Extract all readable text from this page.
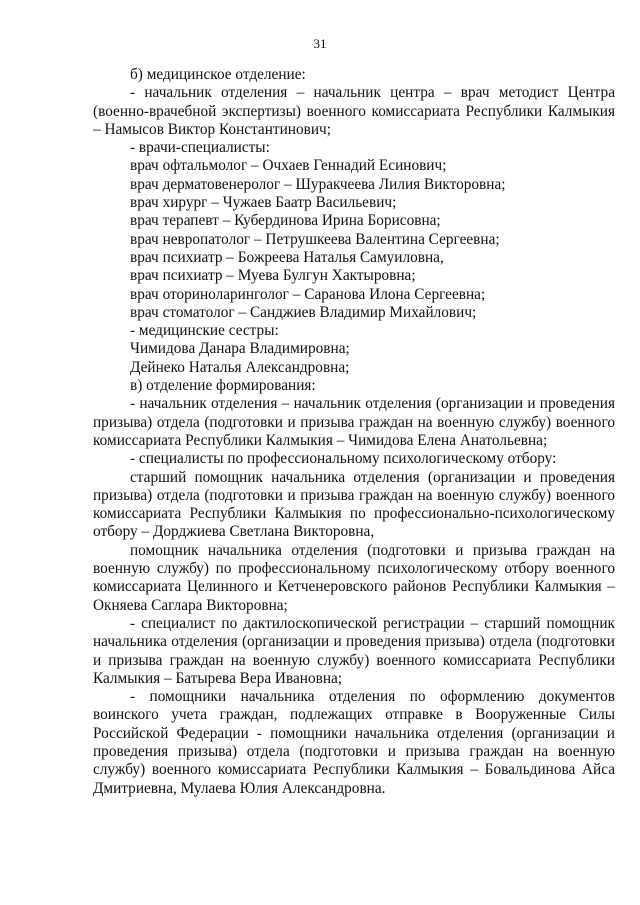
31

б) медицинское отделение:

- начальник отделения – начальник центра – врач методист Центра (военно-врачебной экспертизы) военного комиссариата Республики Калмыкия – Намысов Виктор Константинович;

- врачи-специалисты:

врач офтальмолог – Очхаев Геннадий Есинович;

врач дерматовенеролог – Шуракчеева Лилия Викторовна;

врач хирург – Чужаев Баатр Васильевич;

врач терапевт – Кубердинова Ирина Борисовна;

врач невропатолог – Петрушкеева Валентина Сергеевна;

врач психиатр – Божреева Наталья Самуиловна,

врач психиатр – Муева Булгун Хактыровна;

врач оториноларинголог – Саранова Илона Сергеевна;

врач стоматолог – Санджиев Владимир Михайлович;

- медицинские сестры:

Чимидова Данара Владимировна;

Дейнеко Наталья Александровна;

в) отделение формирования:

- начальник отделения – начальник отделения (организации и проведения призыва) отдела (подготовки и призыва граждан на военную службу) военного комиссариата Республики Калмыкия – Чимидова Елена Анатольевна;

- специалисты по профессиональному психологическому отбору:

старший помощник начальника отделения (организации и проведения призыва) отдела (подготовки и призыва граждан на военную службу) военного комиссариата Республики Калмыкия по профессионально-психологическому отбору – Дорджиева Светлана Викторовна,

помощник начальника отделения (подготовки и призыва граждан на военную службу) по профессиональному психологическому отбору военного комиссариата Целинного и Кетченеровского районов Республики Калмыкия – Окняева Саглара Викторовна;

- специалист по дактилоскопической регистрации – старший помощник начальника отделения (организации и проведения призыва) отдела (подготовки и призыва граждан на военную службу) военного комиссариата Республики Калмыкия – Батырева Вера Ивановна;

- помощники начальника отделения по оформлению документов воинского учета граждан, подлежащих отправке в Вооруженные Силы Российской Федерации - помощники начальника отделения (организации и проведения призыва) отдела (подготовки и призыва граждан на военную службу) военного комиссариата Республики Калмыкия – Бовальдинова Айса Дмитриевна, Мулаева Юлия Александровна.
